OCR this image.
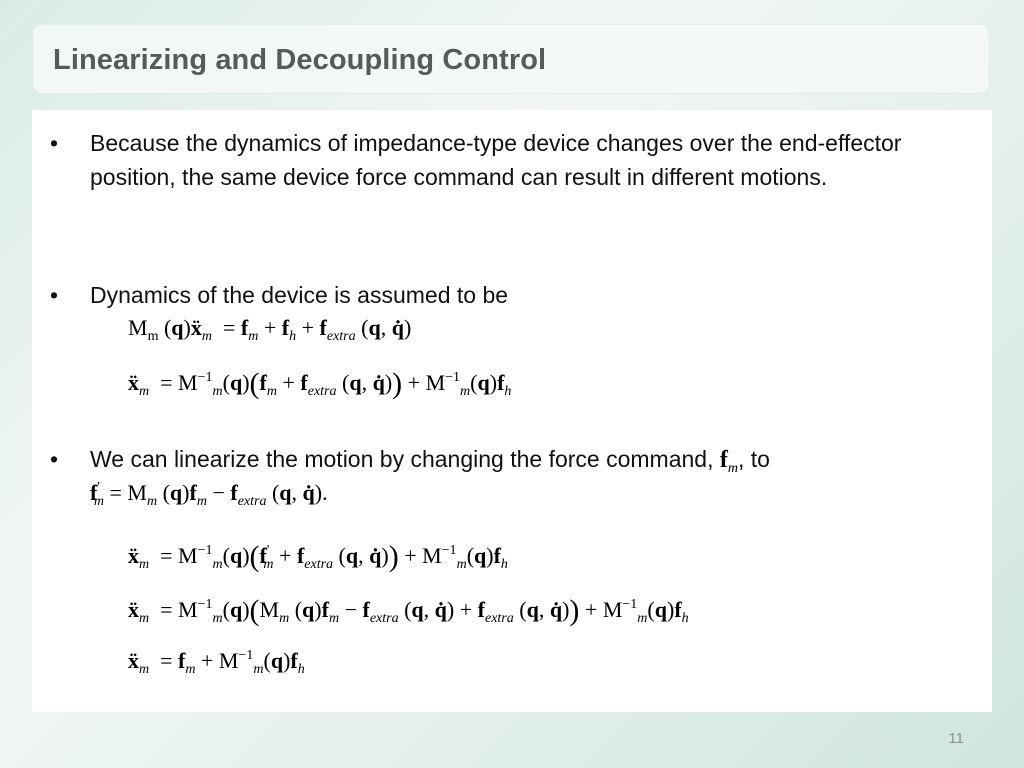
Linearizing and Decoupling Control
• Because the dynamics of impedance-type device changes over the end-effector position, the same device force command can result in different motions.
• Dynamics of the device is assumed to be
$M_m$ (q)ẍ$_m$  = $f_m + f_h + f_{extra}$ (q, q̇)
ẍ$_m$  = $M^{-1}_m(q)(f_m + f_{extra}$ (q, q̇)) + $M^{-1}_m(q)f_h$
• We can linearize the motion by changing the force command, $f_m$, to
$f'_m = M_m$ $(q)f_m - f_{extra}$ (q, q̇).
ẍ$_m$  = $M^{-1}_m(q)(f'_m + f_{extra}$ (q, q̇)) + $M^{-1}_m(q)f_h$
ẍ$_m$  = $M^{-1}_m(q)(M_m$ $(q)f_m - f_{extra}$ (q, q̇) + $f_{extra}$ (q, q̇)) + $M^{-1}_m(q)f_h$
ẍ$_m$  = $f_m + M^{-1}_m(q)f_h$
11
